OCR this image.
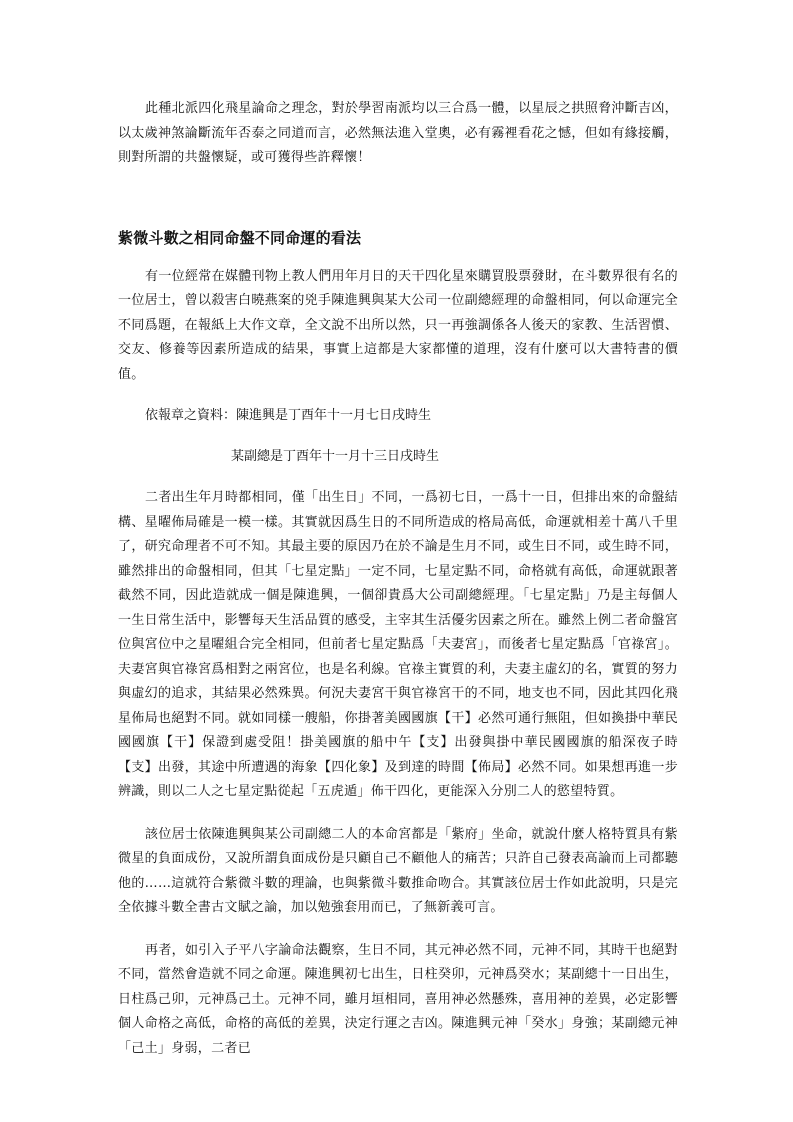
此種北派四化飛星論命之理念，對於學習南派均以三合爲一體，以星辰之拱照脅沖斷吉凶，以太歲神煞論斷流年否泰之同道而言，必然無法進入堂奧，必有霧裡看花之憾，但如有緣接觸，則對所謂的共盤懷疑，或可獲得些許釋懷！

紫微斗數之相同命盤不同命運的看法

有一位經常在媒體刊物上教人們用年月日的天干四化星來購買股票發財，在斗數界很有名的一位居士，曾以殺害白曉燕案的兇手陳進興與某大公司一位副總經理的命盤相同，何以命運完全不同爲題，在報紙上大作文章，全文說不出所以然，只一再強調係各人後天的家教、生活習慣、交友、修養等因素所造成的結果，事實上這都是大家都懂的道理，沒有什麼可以大書特書的價值。

依報章之資料：陳進興是丁酉年十一月七日戌時生
某副總是丁酉年十一月十三日戌時生

二者出生年月時都相同，僅「出生日」不同，一爲初七日，一爲十一日，但排出來的命盤結構、星曜佈局確是一模一樣。其實就因爲生日的不同所造成的格局高低，命運就相差十萬八千里了，研究命理者不可不知。其最主要的原因乃在於不論是生月不同，或生日不同，或生時不同，雖然排出的命盤相同，但其「七星定點」一定不同，七星定點不同，命格就有高低，命運就跟著截然不同，因此造就成一個是陳進興，一個卻貴爲大公司副總經理。「七星定點」乃是主每個人一生日常生活中，影響每天生活品質的感受，主宰其生活優劣因素之所在。雖然上例二者命盤宮位與宮位中之星曜組合完全相同，但前者七星定點爲「夫妻宮」，而後者七星定點爲「官祿宮」。夫妻宮與官祿宮爲相對之兩宮位，也是名利線。官祿主實質的利，夫妻主虛幻的名，實質的努力與虛幻的追求，其結果必然殊異。何況夫妻宮干與官祿宮干的不同，地支也不同，因此其四化飛星佈局也絕對不同。就如同樣一艘船，你掛著美國國旗【干】必然可通行無阻，但如換掛中華民國國旗【干】保證到處受阻！掛美國旗的船中午【支】出發與掛中華民國國旗的船深夜子時【支】出發，其途中所遭遇的海象【四化象】及到達的時間【佈局】必然不同。如果想再進一步辨識，則以二人之七星定點從起「五虎遁」佈干四化，更能深入分別二人的慾望特質。

該位居士依陳進興與某公司副總二人的本命宮都是「紫府」坐命，就說什麼人格特質具有紫微星的負面成份，又說所謂負面成份是只顧自己不顧他人的痛苦；只許自己發表高論而上司都聽他的……這就符合紫微斗數的理論，也與紫微斗數推命吻合。其實該位居士作如此說明，只是完全依據斗數全書古文賦之論，加以勉強套用而已，了無新義可言。

再者，如引入子平八字論命法觀察，生日不同，其元神必然不同，元神不同，其時干也絕對不同，當然會造就不同之命運。陳進興初七出生，日柱癸卯，元神爲癸水；某副總十一日出生，日柱爲己卯，元神爲己土。元神不同，雖月垣相同，喜用神必然懸殊，喜用神的差異，必定影響個人命格之高低，命格的高低的差異，決定行運之吉凶。陳進興元神「癸水」身強；某副總元神「己土」身弱，二者已
